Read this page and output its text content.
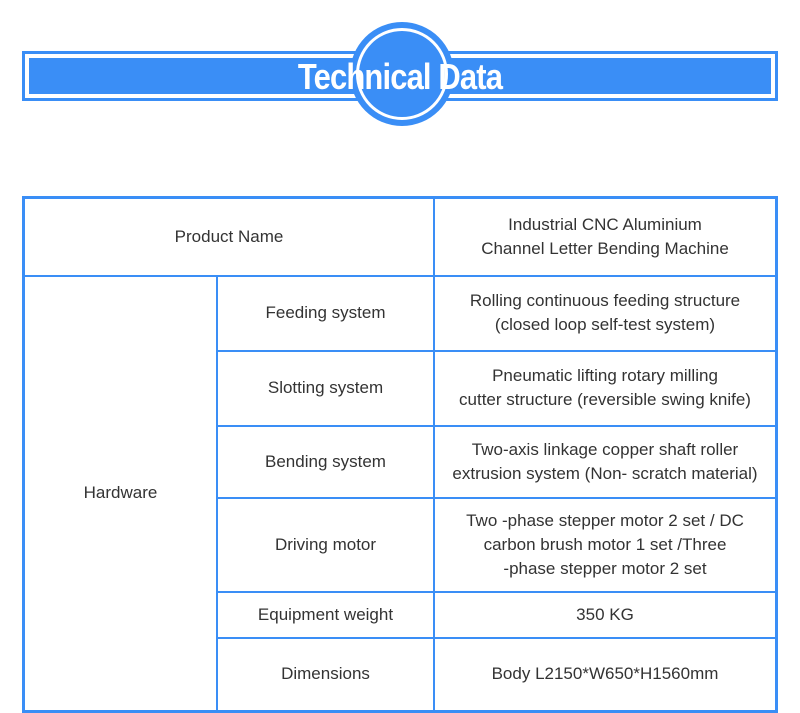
Technical Data
Product Name		Industrial CNC Aluminium
Channel Letter Bending Machine

Hardware	Feeding system	Rolling continuous feeding structure
(closed loop self-test system)

	Slotting system	Pneumatic lifting rotary milling
cutter structure (reversible swing knife)

	Bending system	Two-axis linkage copper shaft roller
extrusion system (Non- scratch material)

	Driving motor	Two -phase stepper motor 2 set / DC
carbon brush motor 1 set /Three
-phase stepper motor 2 set

	Equipment weight	350 KG

	Dimensions	Body L2150*W650*H1560mm
